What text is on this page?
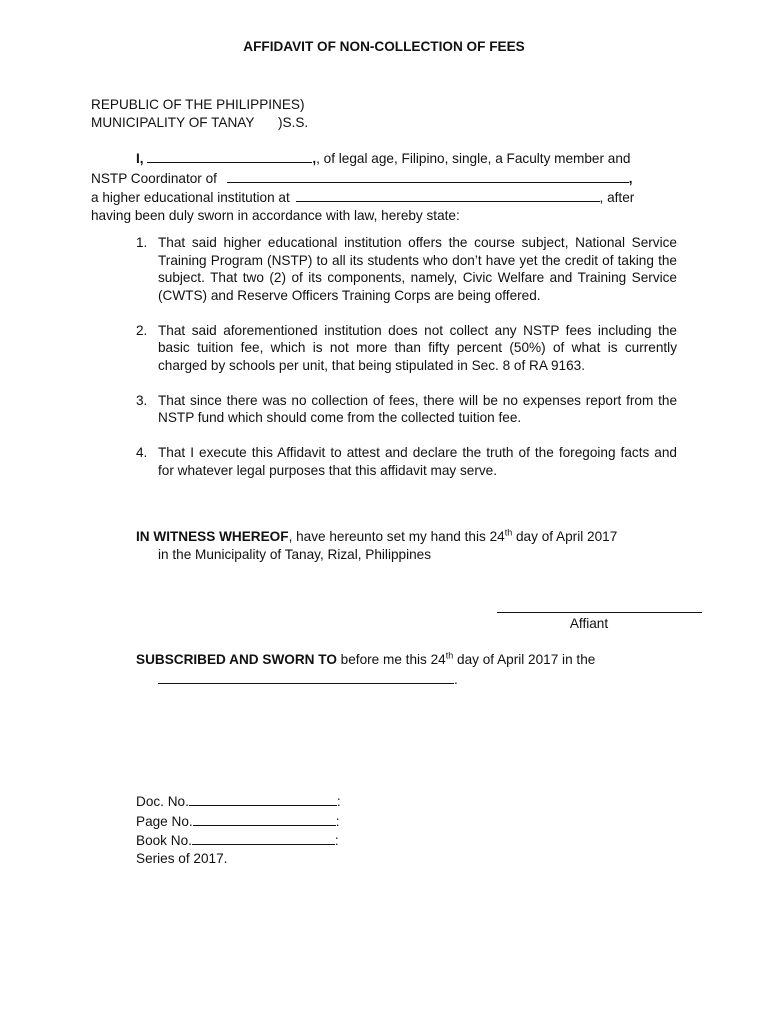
AFFIDAVIT OF NON-COLLECTION OF FEES
REPUBLIC OF THE PHILIPPINES)
MUNICIPALITY OF TANAY	)S.S.
I,	,, of legal age, Filipino, single, a Faculty member and
NSTP Coordinator of	,
a higher educational institution at	, after
having been duly sworn in accordance with law, hereby state:
1. That said higher educational institution offers the course subject, National Service Training Program (NSTP) to all its students who don’t have yet the credit of taking the subject. That two (2) of its components, namely, Civic Welfare and Training Service (CWTS) and Reserve Officers Training Corps are being offered.
2. That said aforementioned institution does not collect any NSTP fees including the basic tuition fee, which is not more than fifty percent (50%) of what is currently charged by schools per unit, that being stipulated in Sec. 8 of RA 9163.
3. That since there was no collection of fees, there will be no expenses report from the NSTP fund which should come from the collected tuition fee.
4. That I execute this Affidavit to attest and declare the truth of the foregoing facts and for whatever legal purposes that this affidavit may serve.
IN WITNESS WHEREOF, have hereunto set my hand this 24th day of April 2017
in the Municipality of Tanay, Rizal, Philippines
Affiant
SUBSCRIBED AND SWORN TO before me this 24th day of April 2017 in the
.
Doc. No.	:
Page No.	:
Book No.	:
Series of 2017.
